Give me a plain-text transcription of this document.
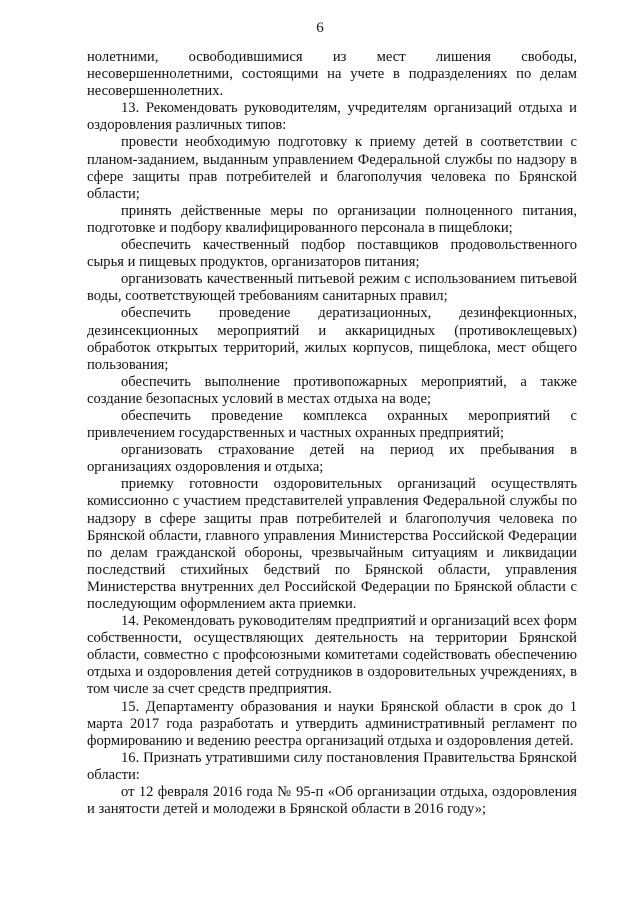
6

нолетними, освободившимися из мест лишения свободы, несовершеннолетними, состоящими на учете в подразделениях по делам несовершеннолетних.

13. Рекомендовать руководителям, учредителям организаций отдыха и оздоровления различных типов:

провести необходимую подготовку к приему детей в соответствии с планом-заданием, выданным управлением Федеральной службы по надзору в сфере защиты прав потребителей и благополучия человека по Брянской области;

принять действенные меры по организации полноценного питания, подготовке и подбору квалифицированного персонала в пищеблоки;

обеспечить качественный подбор поставщиков продовольственного сырья и пищевых продуктов, организаторов питания;

организовать качественный питьевой режим с использованием питьевой воды, соответствующей требованиям санитарных правил;

обеспечить проведение дератизационных, дезинфекционных, дезинсекционных мероприятий и аккарицидных (противоклещевых) обработок открытых территорий, жилых корпусов, пищеблока, мест общего пользования;

обеспечить выполнение противопожарных мероприятий, а также создание безопасных условий в местах отдыха на воде;

обеспечить проведение комплекса охранных мероприятий с привлечением государственных и частных охранных предприятий;

организовать страхование детей на период их пребывания в организациях оздоровления и отдыха;

приемку готовности оздоровительных организаций осуществлять комиссионно с участием представителей управления Федеральной службы по надзору в сфере защиты прав потребителей и благополучия человека по Брянской области, главного управления Министерства Российской Федерации по делам гражданской обороны, чрезвычайным ситуациям и ликвидации последствий стихийных бедствий по Брянской области, управления Министерства внутренних дел Российской Федерации по Брянской области с последующим оформлением акта приемки.

14. Рекомендовать руководителям предприятий и организаций всех форм собственности, осуществляющих деятельность на территории Брянской области, совместно с профсоюзными комитетами содействовать обеспечению отдыха и оздоровления детей сотрудников в оздоровительных учреждениях, в том числе за счет средств предприятия.

15. Департаменту образования и науки Брянской области в срок до 1 марта 2017 года разработать и утвердить административный регламент по формированию и ведению реестра организаций отдыха и оздоровления детей.

16. Признать утратившими силу постановления Правительства Брянской области:

от 12 февраля 2016 года № 95-п «Об организации отдыха, оздоровления и занятости детей и молодежи в Брянской области в 2016 году»;
